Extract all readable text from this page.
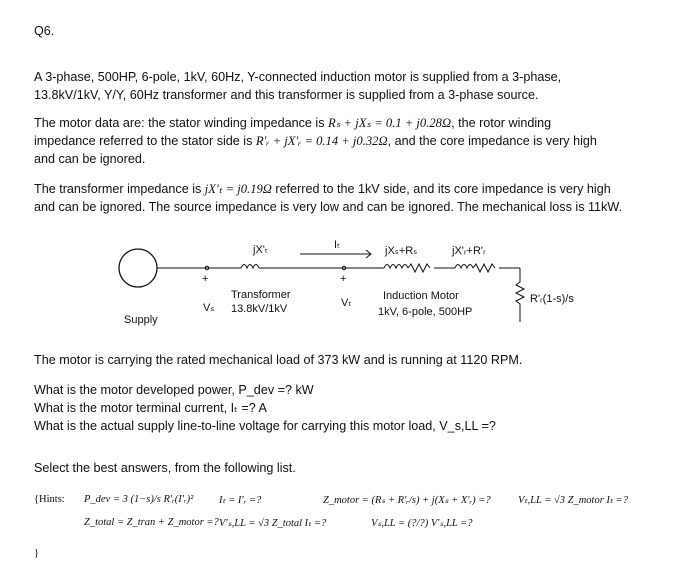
Q6.
A 3-phase, 500HP, 6-pole, 1kV, 60Hz, Y-connected induction motor is supplied from a 3-phase,
13.8kV/1kV, Y/Y, 60Hz transformer and this transformer is supplied from a 3-phase source.
The motor data are: the stator winding impedance is Rₛ + jXₛ = 0.1 + j0.28Ω, the rotor winding
impedance referred to the stator side is R′ᵣ + jX′ᵣ = 0.14 + j0.32Ω, and the core impedance is very high
and can be ignored.
The transformer impedance is jX′ₜ = j0.19Ω referred to the 1kV side, and its core impedance is very high
and can be ignored. The source impedance is very low and can be ignored. The mechanical loss is 11kW.
jX'ₜ	Iₜ	jXₛ+Rₛ	jX'ᵣ+R'ᵣ
+	+
Vₛ	Vₜ
Transformer
13.8kV/1kV
Induction Motor
1kV, 6-pole, 500HP
R'ᵣ(1-s)/s
Supply
The motor is carrying the rated mechanical load of 373 kW and is running at 1120 RPM.
What is the motor developed power, P_dev =? kW
What is the motor terminal current, Iₜ =? A
What is the actual supply line-to-line voltage for carrying this motor load, V_s,LL =?
Select the best answers, from the following list.
{Hints: P_dev = 3 (1−s)/s R′ᵣ(I′ᵣ)² Iₜ = I′ᵣ =?	Z_motor = (Rₛ + R′ᵣ/s) + j(Xₛ + X′ᵣ) =?	Vₜ,LL = √3 Z_motor Iₜ =?
Z_total = Z_tran + Z_motor =? V′ₛ,LL = √3 Z_total Iₜ =?	Vₛ,LL = (?/?) V′ₛ,LL =?
}
